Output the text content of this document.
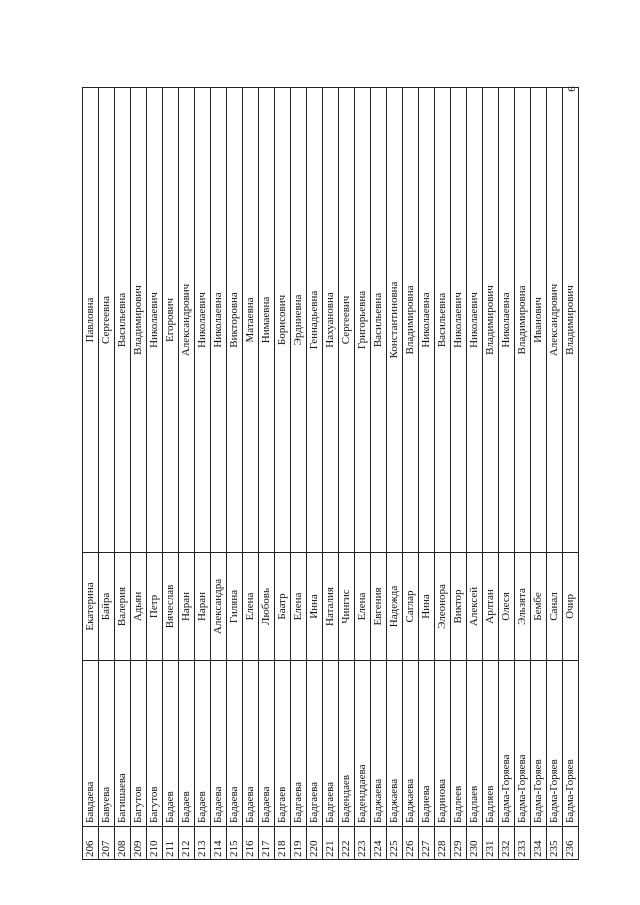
9
206	Бавдаева	Екатерина	Павловна
207	Бавуева	Байра	Сергеевна
208	Багишаева	Валерия	Васильевна
209	Багутов	Адьян	Владимирович
210	Багутов	Петр	Николаевич
211	Бадаев	Вячеслав	Егорович
212	Бадаев	Наран	Александрович
213	Бадаев	Наран	Николаевич
214	Бадаева	Александра	Николаевна
215	Бадаева	Гиляна	Викторовна
216	Бадаева	Елена	Матаевна
217	Бадаева	Любовь	Нимаевна
218	Бадгаев	Баатр	Борисович
219	Бадгаева	Елена	Эрдниевна
220	Бадгаева	Инна	Геннадьевна
221	Бадгаева	Наталия	Нахуановна
222	Бадендаев	Чингис	Сергеевич
223	Баденддаева	Елена	Григорьевна
224	Баджаева	Евгения	Васильевна
225	Баджаева	Надежда	Константиновна
226	Баджаева	Саглар	Владимировна
227	Бадиева	Нина	Николаевна
228	Бадинова	Элеонора	Васильевна
229	Бадлеев	Виктор	Николаевич
230	Бадлаев	Алексей	Николаевич
231	Бадляев	Арлтан	Владимирович
232	Бадма-Горяева	Олеся	Николаевна
233	Бадма-Горяева	Эльзята	Владимировна
234	Бадма-Горяев	Бембе	Иванович
235	Бадма-Горяев	Санал	Александрович
236	Бадма-Горяев	Очир	Владимирович
